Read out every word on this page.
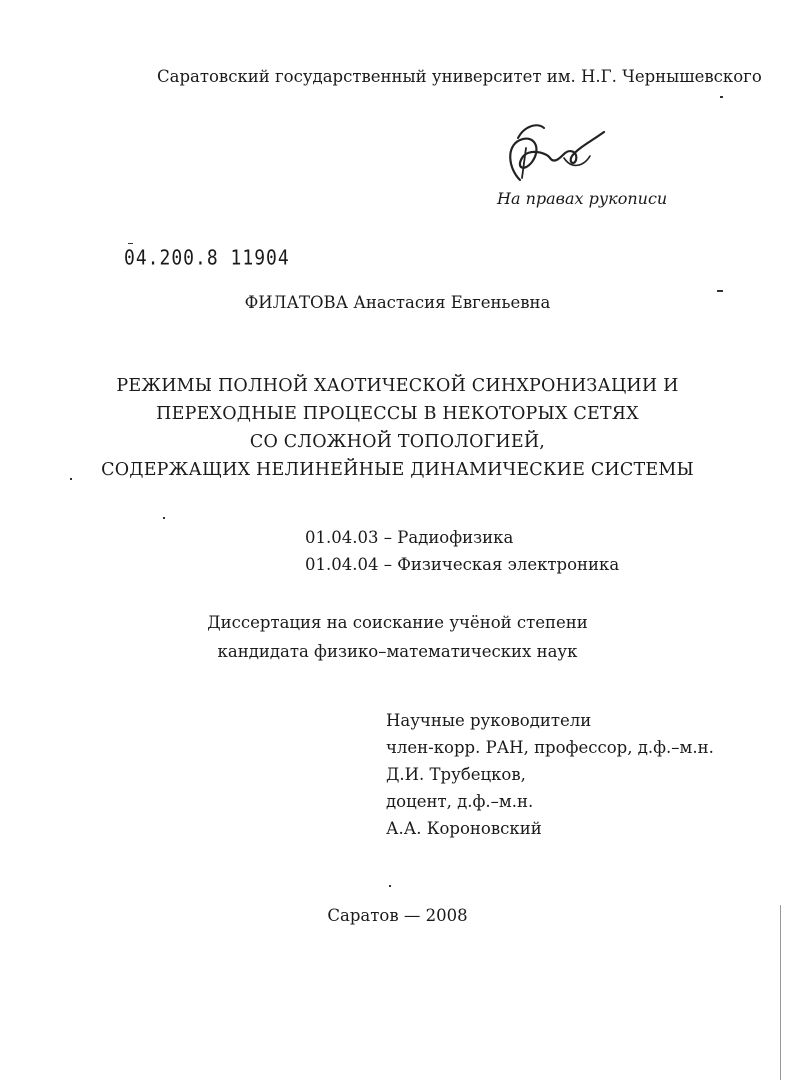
Саратовский государственный университет им. Н.Г. Чернышевского
На правах рукописи
04.200.8 11904
ФИЛАТОВА Анастасия Евгеньевна
РЕЖИМЫ ПОЛНОЙ ХАОТИЧЕСКОЙ СИНХРОНИЗАЦИИ И
ПЕРЕХОДНЫЕ ПРОЦЕССЫ В НЕКОТОРЫХ СЕТЯХ
СО СЛОЖНОЙ ТОПОЛОГИЕЙ,
СОДЕРЖАЩИХ НЕЛИНЕЙНЫЕ ДИНАМИЧЕСКИЕ СИСТЕМЫ
01.04.03 – Радиофизика
01.04.04 – Физическая электроника
Диссертация на соискание учёной степени
кандидата физико–математических наук
Научные руководители
член-корр. РАН, профессор, д.ф.–м.н.
Д.И. Трубецков,
доцент, д.ф.–м.н.
А.А. Короновский
Саратов — 2008
